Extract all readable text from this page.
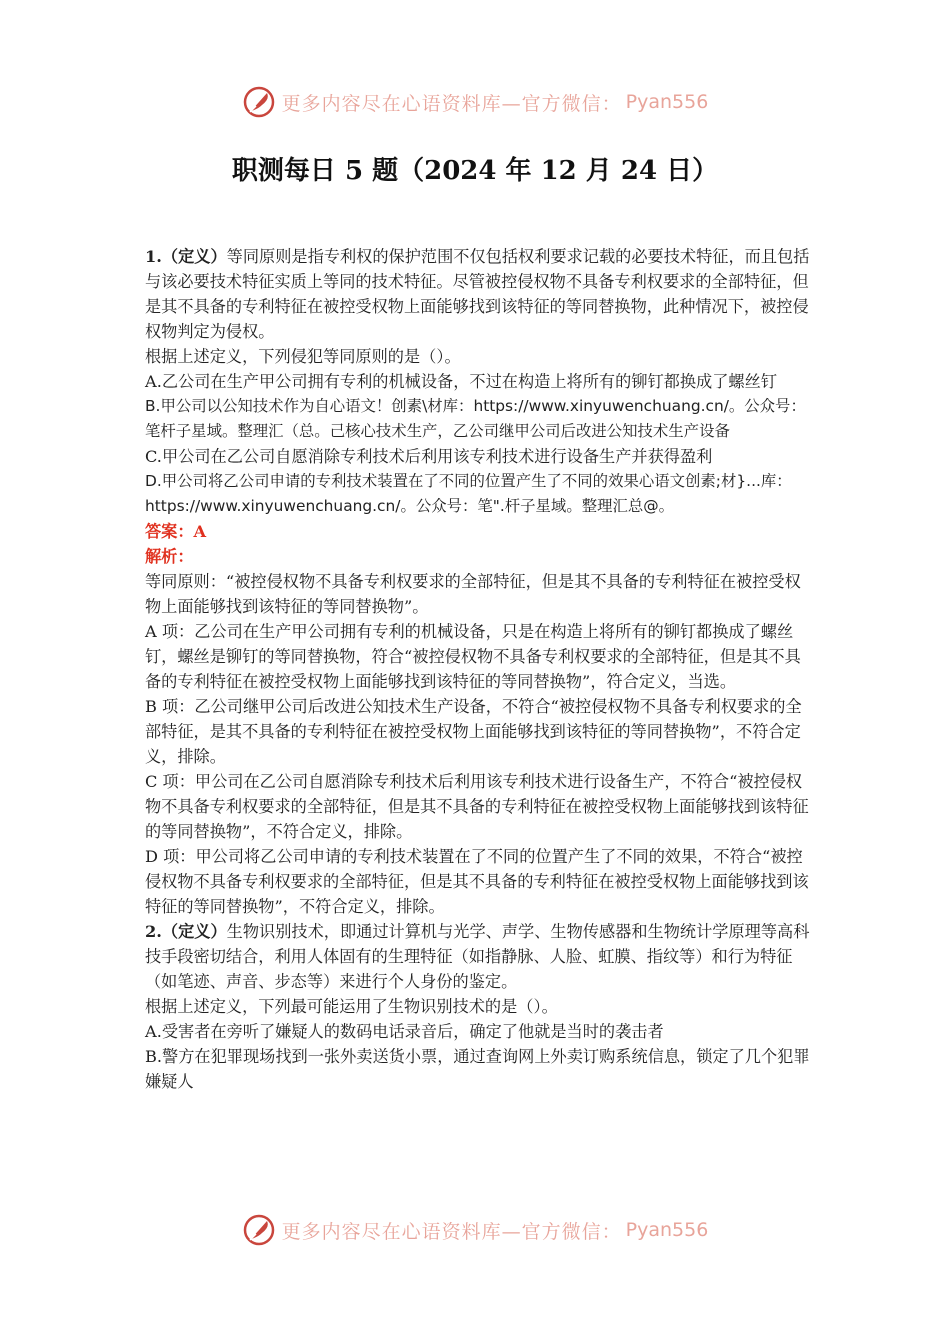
更多内容尽在心语资料库—官方微信： Pyan556
职测每日 5 题（2024 年 12 月 24 日）

1.（定义）等同原则是指专利权的保护范围不仅包括权利要求记载的必要技术特征，而且包括与该必要技术特征实质上等同的技术特征。尽管被控侵权物不具备专利权要求的全部特征，但是其不具备的专利特征在被控受权物上面能够找到该特征的等同替换物，此种情况下，被控侵权物判定为侵权。

根据上述定义，下列侵犯等同原则的是（）。

A.乙公司在生产甲公司拥有专利的机械设备，不过在构造上将所有的铆钉都换成了螺丝钉

B.甲公司以公知技术作为自心语文！创素\材库：https://www.xinyuwenchuang.cn/。公众号：笔杆子星域。整理汇（总。己核心技术生产，乙公司继甲公司后改进公知技术生产设备

C.甲公司在乙公司自愿消除专利技术后利用该专利技术进行设备生产并获得盈利

D.甲公司将乙公司申请的专利技术装置在了不同的位置产生了不同的效果心语文创素;材}...库：https://www.xinyuwenchuang.cn/。公众号：笔".杆子星域。整理汇总@。

答案：A

解析：

等同原则：“被控侵权物不具备专利权要求的全部特征，但是其不具备的专利特征在被控受权物上面能够找到该特征的等同替换物”。

A 项：乙公司在生产甲公司拥有专利的机械设备，只是在构造上将所有的铆钉都换成了螺丝钉，螺丝是铆钉的等同替换物，符合“被控侵权物不具备专利权要求的全部特征，但是其不具备的专利特征在被控受权物上面能够找到该特征的等同替换物”，符合定义，当选。

B 项：乙公司继甲公司后改进公知技术生产设备，不符合“被控侵权物不具备专利权要求的全部特征，是其不具备的专利特征在被控受权物上面能够找到该特征的等同替换物”，不符合定义，排除。

C 项：甲公司在乙公司自愿消除专利技术后利用该专利技术进行设备生产，不符合“被控侵权物不具备专利权要求的全部特征，但是其不具备的专利特征在被控受权物上面能够找到该特征的等同替换物”，不符合定义，排除。

D 项：甲公司将乙公司申请的专利技术装置在了不同的位置产生了不同的效果，不符合“被控侵权物不具备专利权要求的全部特征，但是其不具备的专利特征在被控受权物上面能够找到该特征的等同替换物”，不符合定义，排除。

2.（定义）生物识别技术，即通过计算机与光学、声学、生物传感器和生物统计学原理等高科技手段密切结合，利用人体固有的生理特征（如指静脉、人脸、虹膜、指纹等）和行为特征（如笔迹、声音、步态等）来进行个人身份的鉴定。

根据上述定义，下列最可能运用了生物识别技术的是（）。

A.受害者在旁听了嫌疑人的数码电话录音后，确定了他就是当时的袭击者

B.警方在犯罪现场找到一张外卖送货小票，通过查询网上外卖订购系统信息，锁定了几个犯罪嫌疑人

更多内容尽在心语资料库—官方微信： Pyan556
